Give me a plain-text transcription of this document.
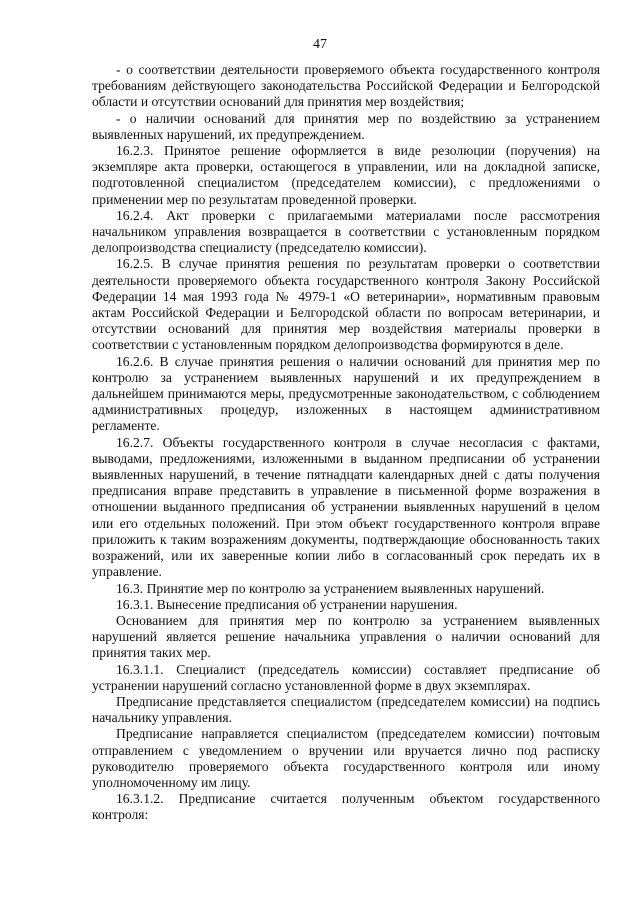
47

- о соответствии деятельности проверяемого объекта государственного контроля требованиям действующего законодательства Российской Федерации и Белгородской области и отсутствии оснований для принятия мер воздействия;

- о наличии оснований для принятия мер по воздействию за устранением выявленных нарушений, их предупреждением.

16.2.3. Принятое решение оформляется в виде резолюции (поручения) на экземпляре акта проверки, остающегося в управлении, или на докладной записке, подготовленной специалистом (председателем комиссии), с предложениями о применении мер по результатам проведенной проверки.

16.2.4. Акт проверки с прилагаемыми материалами после рассмотрения начальником управления возвращается в соответствии с установленным порядком делопроизводства специалисту (председателю комиссии).

16.2.5. В случае принятия решения по результатам проверки о соответствии деятельности проверяемого объекта государственного контроля Закону Российской Федерации 14 мая 1993 года № 4979-1 «О ветеринарии», нормативным правовым актам Российской Федерации и Белгородской области по вопросам ветеринарии, и отсутствии оснований для принятия мер воздействия материалы проверки в соответствии с установленным порядком делопроизводства формируются в деле.

16.2.6. В случае принятия решения о наличии оснований для принятия мер по контролю за устранением выявленных нарушений и их предупреждением в дальнейшем принимаются меры, предусмотренные законодательством, с соблюдением административных процедур, изложенных в настоящем административном регламенте.

16.2.7. Объекты государственного контроля в случае несогласия с фактами, выводами, предложениями, изложенными в выданном предписании об устранении выявленных нарушений, в течение пятнадцати календарных дней с даты получения предписания вправе представить в управление в письменной форме возражения в отношении выданного предписания об устранении выявленных нарушений в целом или его отдельных положений. При этом объект государственного контроля вправе приложить к таким возражениям документы, подтверждающие обоснованность таких возражений, или их заверенные копии либо в согласованный срок передать их в управление.

16.3. Принятие мер по контролю за устранением выявленных нарушений.

16.3.1. Вынесение предписания об устранении нарушения.

Основанием для принятия мер по контролю за устранением выявленных нарушений является решение начальника управления о наличии оснований для принятия таких мер.

16.3.1.1. Специалист (председатель комиссии) составляет предписание об устранении нарушений согласно установленной форме в двух экземплярах.

Предписание представляется специалистом (председателем комиссии) на подпись начальнику управления.

Предписание направляется специалистом (председателем комиссии) почтовым отправлением с уведомлением о вручении или вручается лично под расписку руководителю проверяемого объекта государственного контроля или иному уполномоченному им лицу.

16.3.1.2. Предписание считается полученным объектом государственного контроля:
